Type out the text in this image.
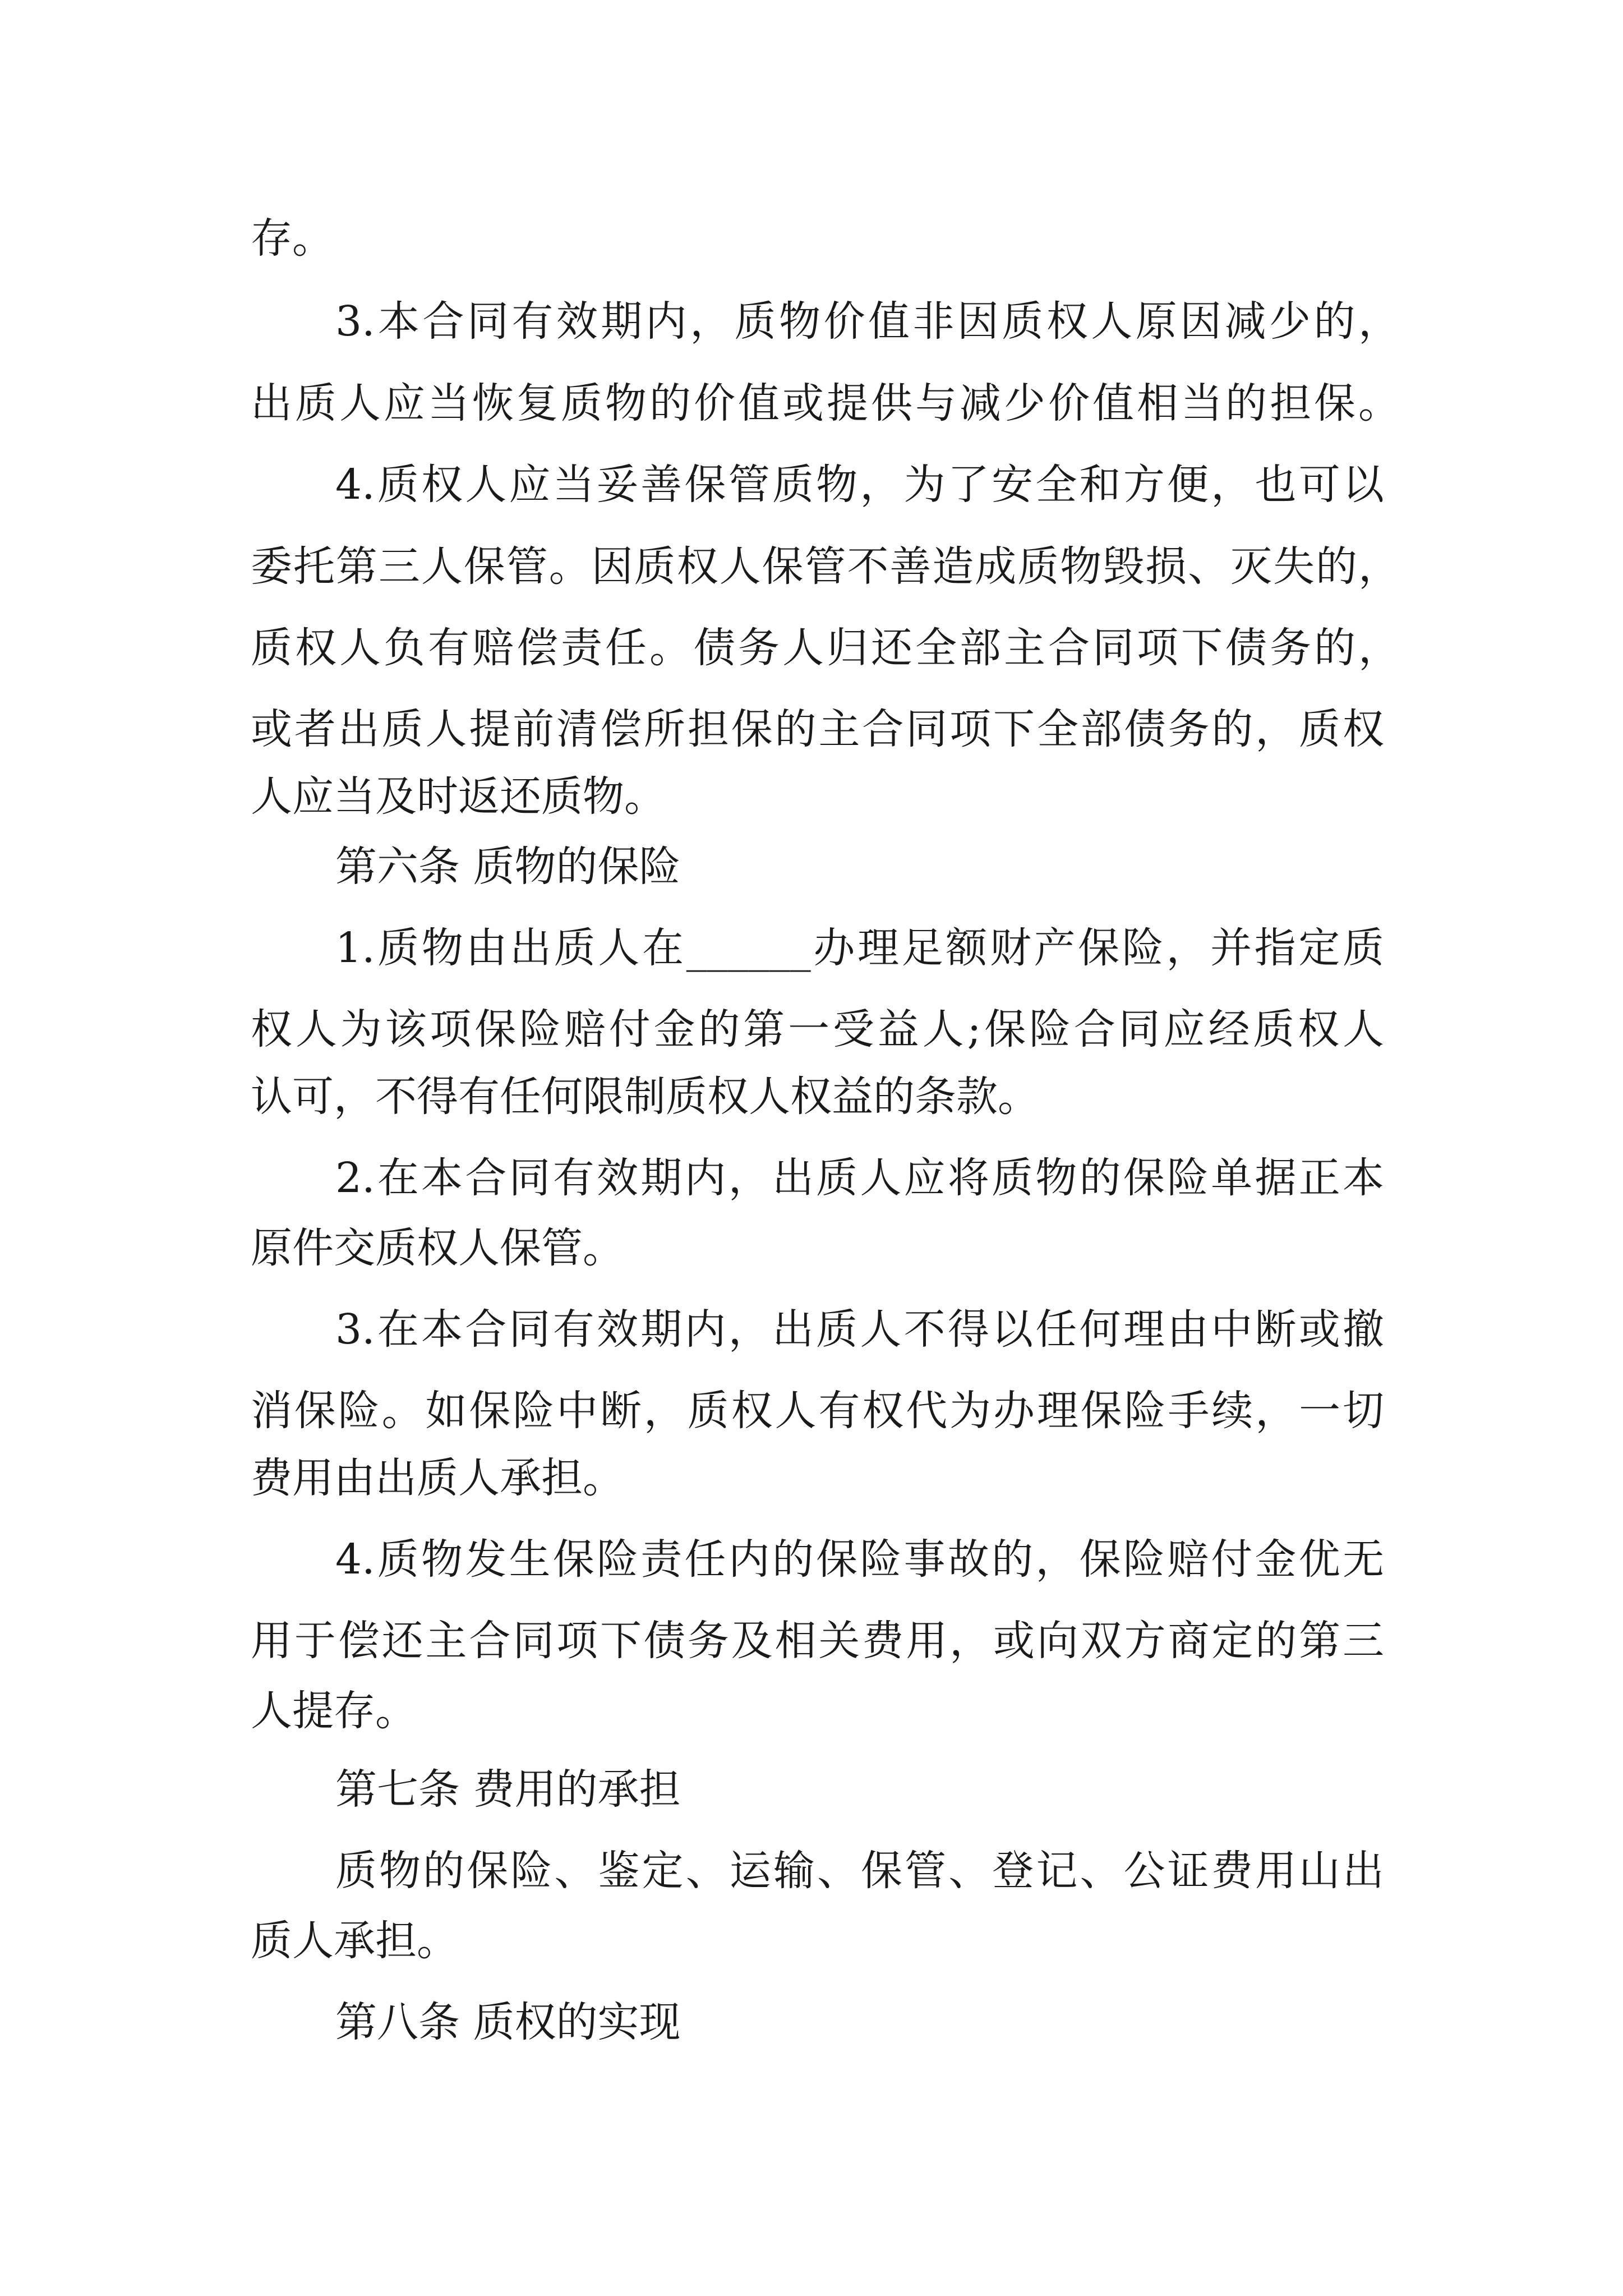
存。
3.本合同有效期内，质物价值非因质权人原因减少的，
出质人应当恢复质物的价值或提供与减少价值相当的担保。
4.质权人应当妥善保管质物，为了安全和方便，也可以
委托第三人保管。因质权人保管不善造成质物毁损、灭失的，
质权人负有赔偿责任。债务人归还全部主合同项下债务的，
或者出质人提前清偿所担保的主合同项下全部债务的，质权
人应当及时返还质物。
第六条 质物的保险
1.质物由出质人在______办理足额财产保险，并指定质
权人为该项保险赔付金的第一受益人;保险合同应经质权人
认可，不得有任何限制质权人权益的条款。
2.在本合同有效期内，出质人应将质物的保险单据正本
原件交质权人保管。
3.在本合同有效期内，出质人不得以任何理由中断或撤
消保险。如保险中断，质权人有权代为办理保险手续，一切
费用由出质人承担。
4.质物发生保险责任内的保险事故的，保险赔付金优无
用于偿还主合同项下债务及相关费用，或向双方商定的第三
人提存。
第七条 费用的承担
质物的保险、鉴定、运输、保管、登记、公证费用山出
质人承担。
第八条 质权的实现
